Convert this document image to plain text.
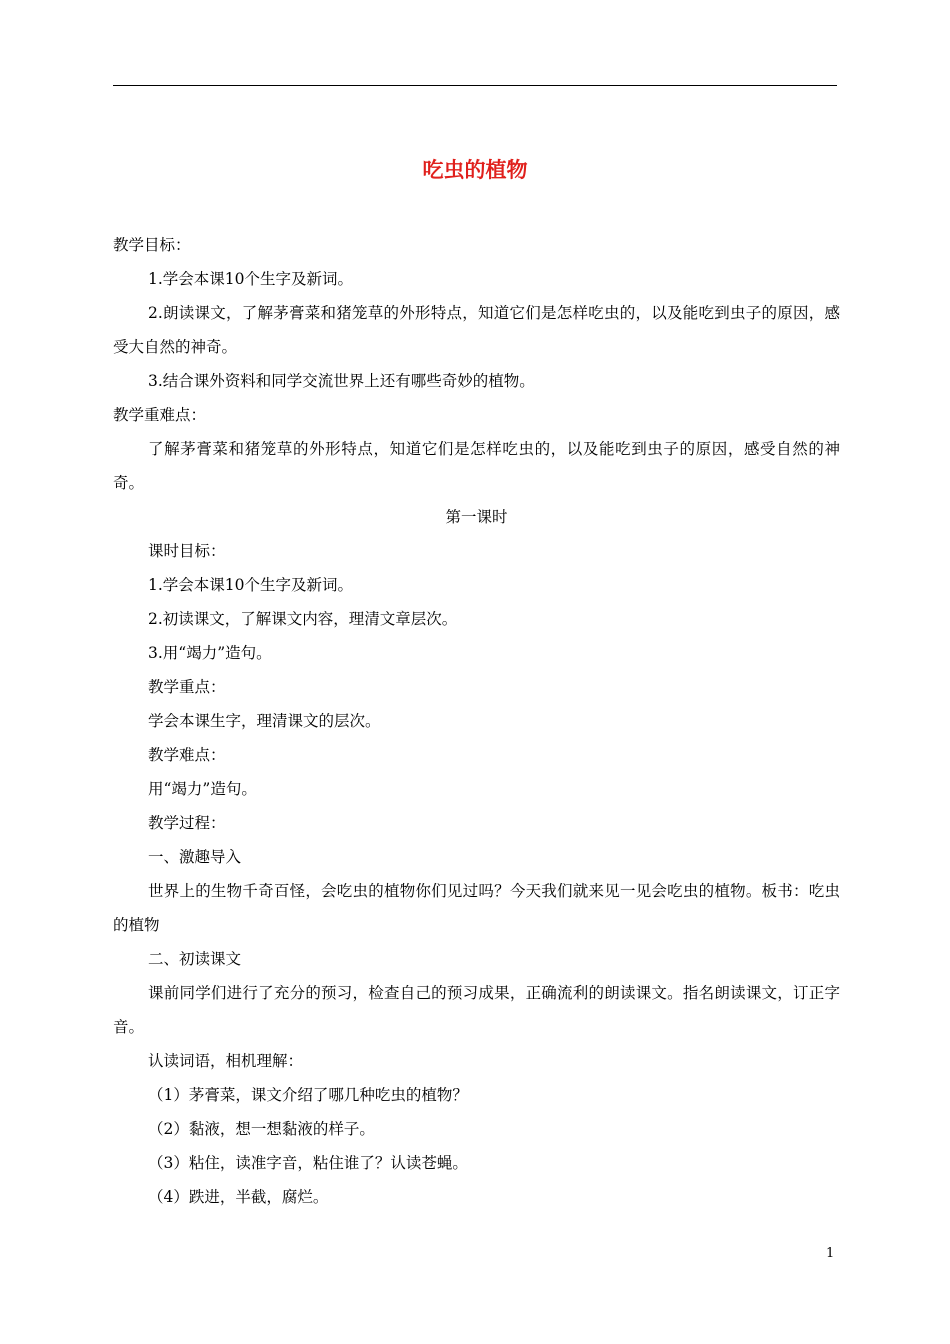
吃虫的植物

教学目标：

1.学会本课10个生字及新词。

2.朗读课文，了解茅膏菜和猪笼草的外形特点，知道它们是怎样吃虫的，以及能吃到虫子的原因，感受大自然的神奇。

3.结合课外资料和同学交流世界上还有哪些奇妙的植物。

教学重难点：

了解茅膏菜和猪笼草的外形特点，知道它们是怎样吃虫的，以及能吃到虫子的原因，感受自然的神奇。

第一课时

课时目标：

1.学会本课10个生字及新词。

2.初读课文，了解课文内容，理清文章层次。

3.用“竭力”造句。

教学重点：

学会本课生字，理清课文的层次。

教学难点：

用“竭力”造句。

教学过程：

一、激趣导入

世界上的生物千奇百怪，会吃虫的植物你们见过吗？今天我们就来见一见会吃虫的植物。板书：吃虫的植物

二、初读课文

课前同学们进行了充分的预习，检查自己的预习成果，正确流利的朗读课文。指名朗读课文，订正字音。

认读词语，相机理解：

（1）茅膏菜，课文介绍了哪几种吃虫的植物？

（2）黏液，想一想黏液的样子。

（3）粘住，读准字音，粘住谁了？认读苍蝇。

（4）跌进，半截，腐烂。

1
